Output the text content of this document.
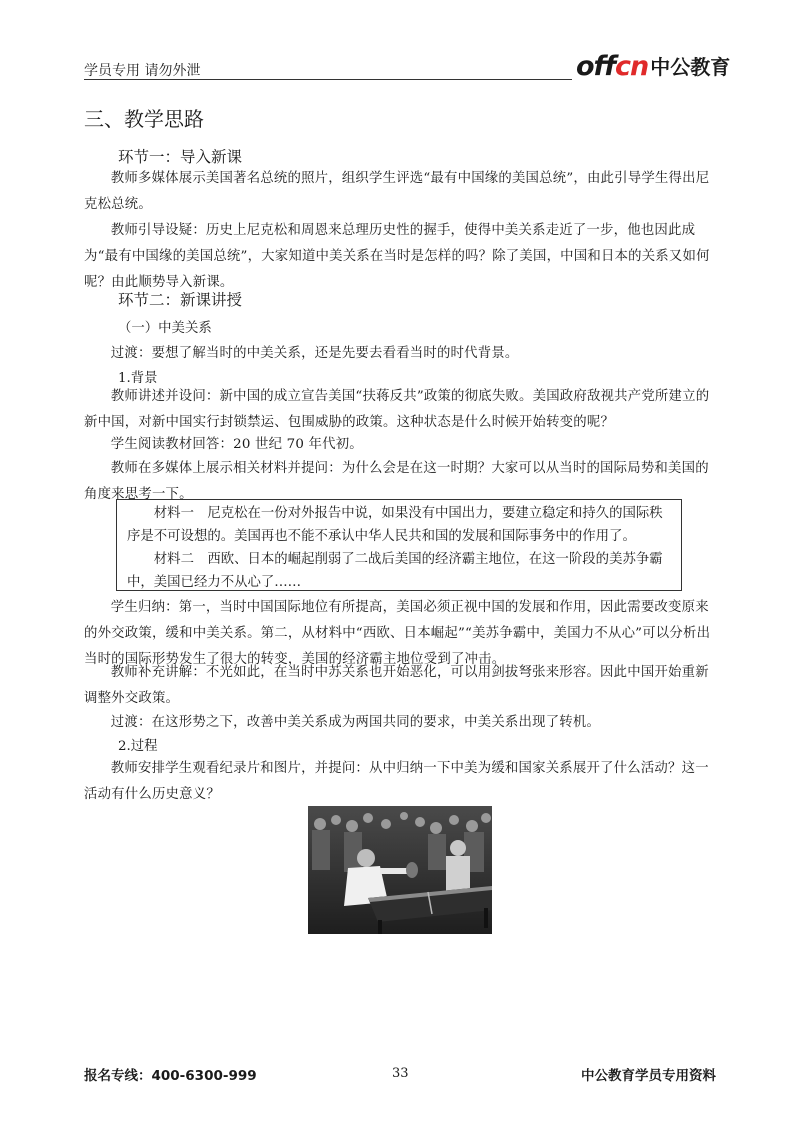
学员专用 请勿外泄	offcn 中公教育
三、教学思路
环节一：导入新课
教师多媒体展示美国著名总统的照片，组织学生评选“最有中国缘的美国总统”，由此引导学生得出尼克松总统。
教师引导设疑：历史上尼克松和周恩来总理历史性的握手，使得中美关系走近了一步，他也因此成为“最有中国缘的美国总统”，大家知道中美关系在当时是怎样的吗？除了美国，中国和日本的关系又如何呢？由此顺势导入新课。
环节二：新课讲授
（一）中美关系
过渡：要想了解当时的中美关系，还是先要去看看当时的时代背景。
1.背景
教师讲述并设问：新中国的成立宣告美国“扶蒋反共”政策的彻底失败。美国政府敌视共产党所建立的新中国，对新中国实行封锁禁运、包围威胁的政策。这种状态是什么时候开始转变的呢？
学生阅读教材回答：20 世纪 70 年代初。
教师在多媒体上展示相关材料并提问：为什么会是在这一时期？大家可以从当时的国际局势和美国的角度来思考一下。

材料一　尼克松在一份对外报告中说，如果没有中国出力，要建立稳定和持久的国际秩序是不可设想的。美国再也不能不承认中华人民共和国的发展和国际事务中的作用了。

材料二　西欧、日本的崛起削弱了二战后美国的经济霸主地位，在这一阶段的美苏争霸中，美国已经力不从心了……

学生归纳：第一，当时中国国际地位有所提高，美国必须正视中国的发展和作用，因此需要改变原来的外交政策，缓和中美关系。第二，从材料中“西欧、日本崛起”“美苏争霸中，美国力不从心”可以分析出当时的国际形势发生了很大的转变，美国的经济霸主地位受到了冲击。
教师补充讲解：不光如此，在当时中苏关系也开始恶化，可以用剑拔弩张来形容。因此中国开始重新调整外交政策。
过渡：在这形势之下，改善中美关系成为两国共同的要求，中美关系出现了转机。
2.过程
教师安排学生观看纪录片和图片，并提问：从中归纳一下中美为缓和国家关系展开了什么活动？这一活动有什么历史意义？
报名专线：400-6300-999	33	中公教育学员专用资料
